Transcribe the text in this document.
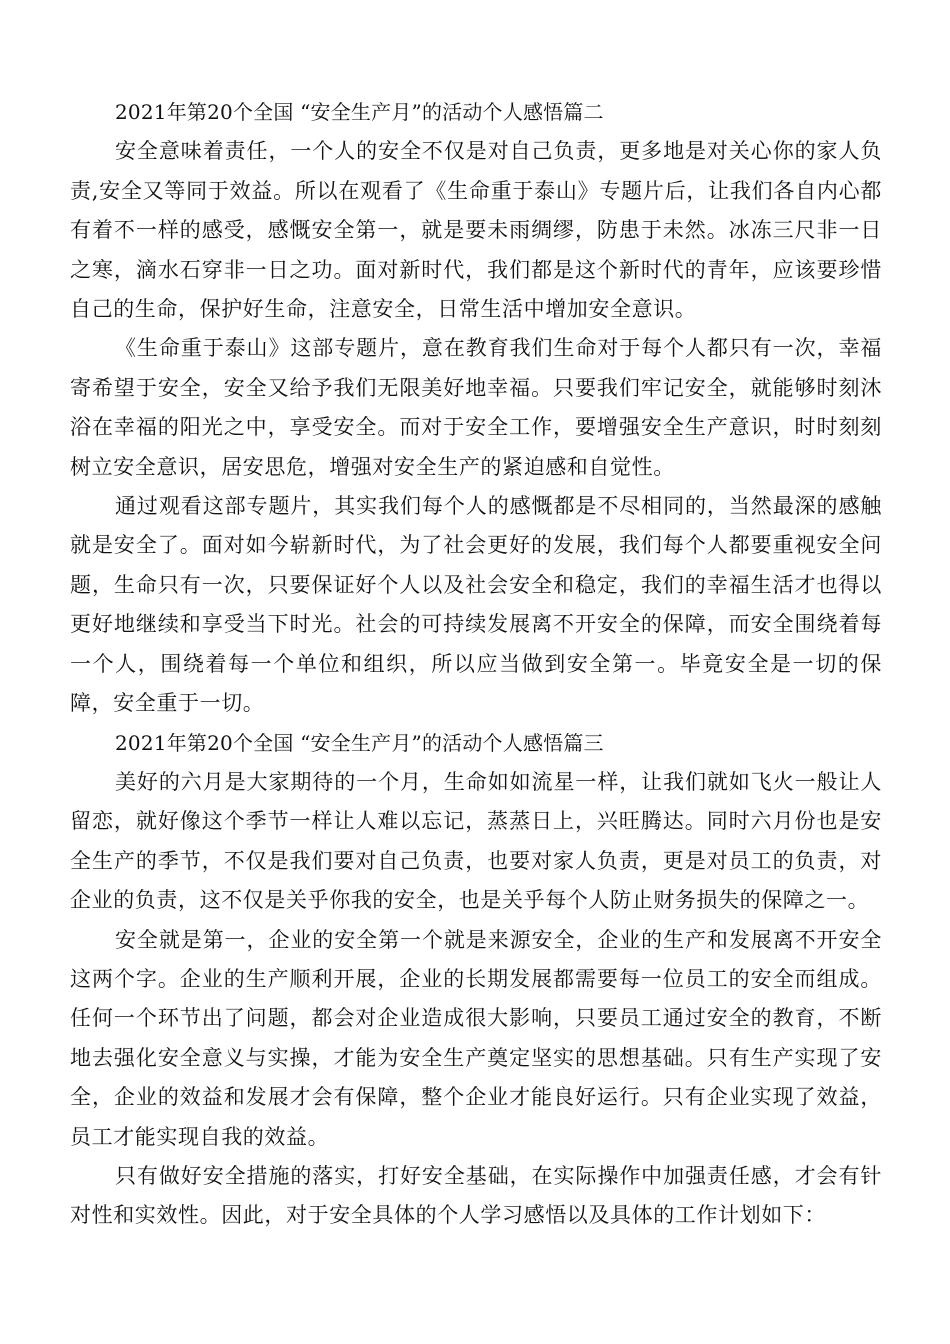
2021年第20个全国 “安全生产月”的活动个人感悟篇二

安全意味着责任，一个人的安全不仅是对自己负责，更多地是对关心你的家人负责,安全又等同于效益。所以在观看了《生命重于泰山》专题片后，让我们各自内心都有着不一样的感受，感慨安全第一，就是要未雨绸缪，防患于未然。冰冻三尺非一日之寒，滴水石穿非一日之功。面对新时代，我们都是这个新时代的青年，应该要珍惜自己的生命，保护好生命，注意安全，日常生活中增加安全意识。

《生命重于泰山》这部专题片，意在教育我们生命对于每个人都只有一次，幸福寄希望于安全，安全又给予我们无限美好地幸福。只要我们牢记安全，就能够时刻沐浴在幸福的阳光之中，享受安全。而对于安全工作，要增强安全生产意识，时时刻刻树立安全意识，居安思危，增强对安全生产的紧迫感和自觉性。

通过观看这部专题片，其实我们每个人的感慨都是不尽相同的，当然最深的感触就是安全了。面对如今崭新时代，为了社会更好的发展，我们每个人都要重视安全问题，生命只有一次，只要保证好个人以及社会安全和稳定，我们的幸福生活才也得以更好地继续和享受当下时光。社会的可持续发展离不开安全的保障，而安全围绕着每一个人，围绕着每一个单位和组织，所以应当做到安全第一。毕竟安全是一切的保障，安全重于一切。

2021年第20个全国 “安全生产月”的活动个人感悟篇三

美好的六月是大家期待的一个月，生命如如流星一样，让我们就如飞火一般让人留恋，就好像这个季节一样让人难以忘记，蒸蒸日上，兴旺腾达。同时六月份也是安全生产的季节，不仅是我们要对自己负责，也要对家人负责，更是对员工的负责，对企业的负责，这不仅是关乎你我的安全，也是关乎每个人防止财务损失的保障之一。

安全就是第一，企业的安全第一个就是来源安全，企业的生产和发展离不开安全这两个字。企业的生产顺利开展，企业的长期发展都需要每一位员工的安全而组成。任何一个环节出了问题，都会对企业造成很大影响，只要员工通过安全的教育，不断地去强化安全意义与实操，才能为安全生产奠定坚实的思想基础。只有生产实现了安全，企业的效益和发展才会有保障，整个企业才能良好运行。只有企业实现了效益，员工才能实现自我的效益。

只有做好安全措施的落实，打好安全基础，在实际操作中加强责任感，才会有针对性和实效性。因此，对于安全具体的个人学习感悟以及具体的工作计划如下：
